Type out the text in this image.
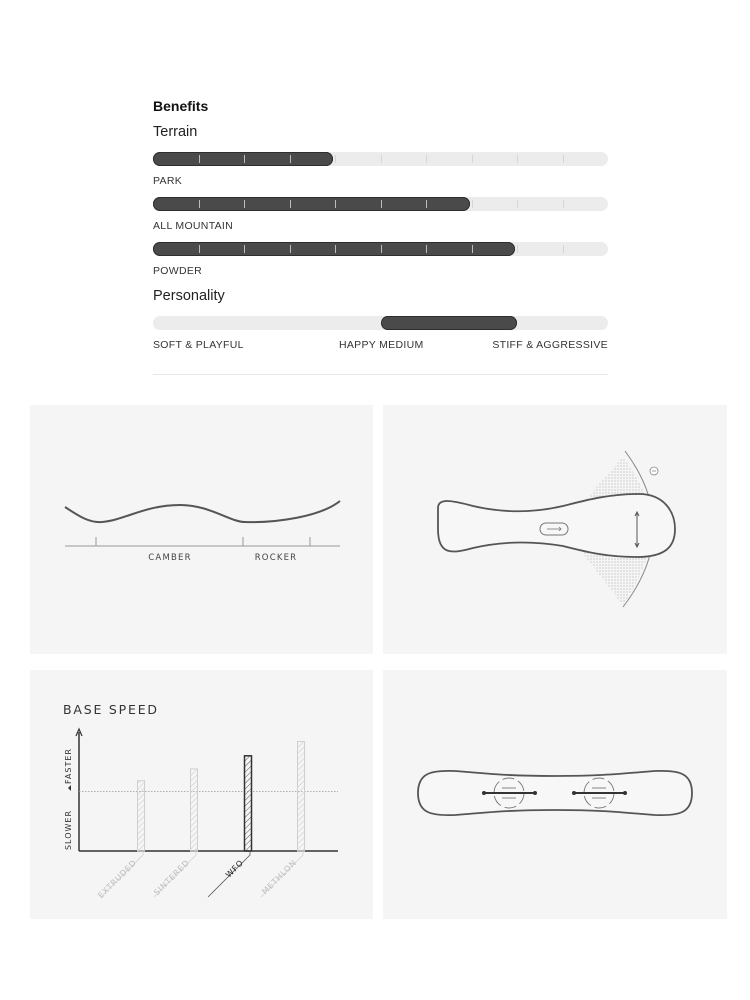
Benefits
Terrain
PARK
ALL MOUNTAIN
POWDER
Personality
SOFT & PLAYFUL	HAPPY MEDIUM	STIFF & AGGRESSIVE
CAMBER	ROCKER
BASE SPEED
FASTER
SLOWER
EXTRUDED SINTERED	WFO METHLON
